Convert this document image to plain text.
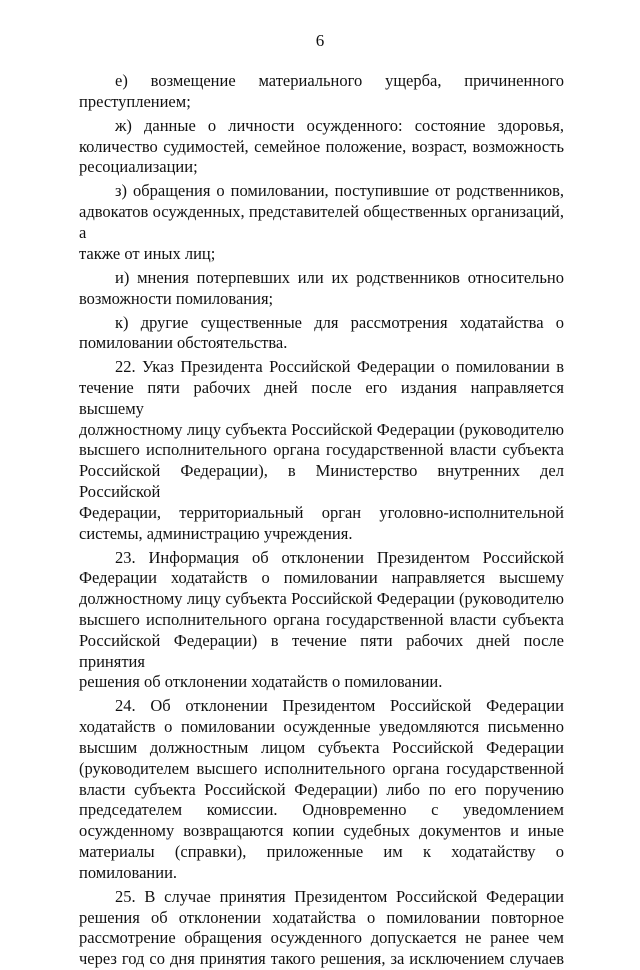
6
е) возмещение материального ущерба, причиненного
преступлением;
ж) данные о личности осужденного: состояние здоровья,
количество судимостей, семейное положение, возраст, возможность
ресоциализации;
з) обращения о помиловании, поступившие от родственников,
адвокатов осужденных, представителей общественных организаций, а
также от иных лиц;
и) мнения потерпевших или их родственников относительно
возможности помилования;
к) другие существенные для рассмотрения ходатайства о
помиловании обстоятельства.
22. Указ Президента Российской Федерации о помиловании в
течение пяти рабочих дней после его издания направляется высшему
должностному лицу субъекта Российской Федерации (руководителю
высшего исполнительного органа государственной власти субъекта
Российской Федерации), в Министерство внутренних дел Российской
Федерации, территориальный орган уголовно-исполнительной
системы, администрацию учреждения.
23. Информация об отклонении Президентом Российской
Федерации ходатайств о помиловании направляется высшему
должностному лицу субъекта Российской Федерации (руководителю
высшего исполнительного органа государственной власти субъекта
Российской Федерации) в течение пяти рабочих дней после принятия
решения об отклонении ходатайств о помиловании.
24. Об отклонении Президентом Российской Федерации
ходатайств о помиловании осужденные уведомляются письменно
высшим должностным лицом субъекта Российской Федерации
(руководителем высшего исполнительного органа государственной
власти субъекта Российской Федерации) либо по его поручению
председателем комиссии. Одновременно с уведомлением
осужденному возвращаются копии судебных документов и иные
материалы (справки), приложенные им к ходатайству о помиловании.
25. В случае принятия Президентом Российской Федерации
решения об отклонении ходатайства о помиловании повторное
рассмотрение обращения осужденного допускается не ранее чем
через год со дня принятия такого решения, за исключением случаев
